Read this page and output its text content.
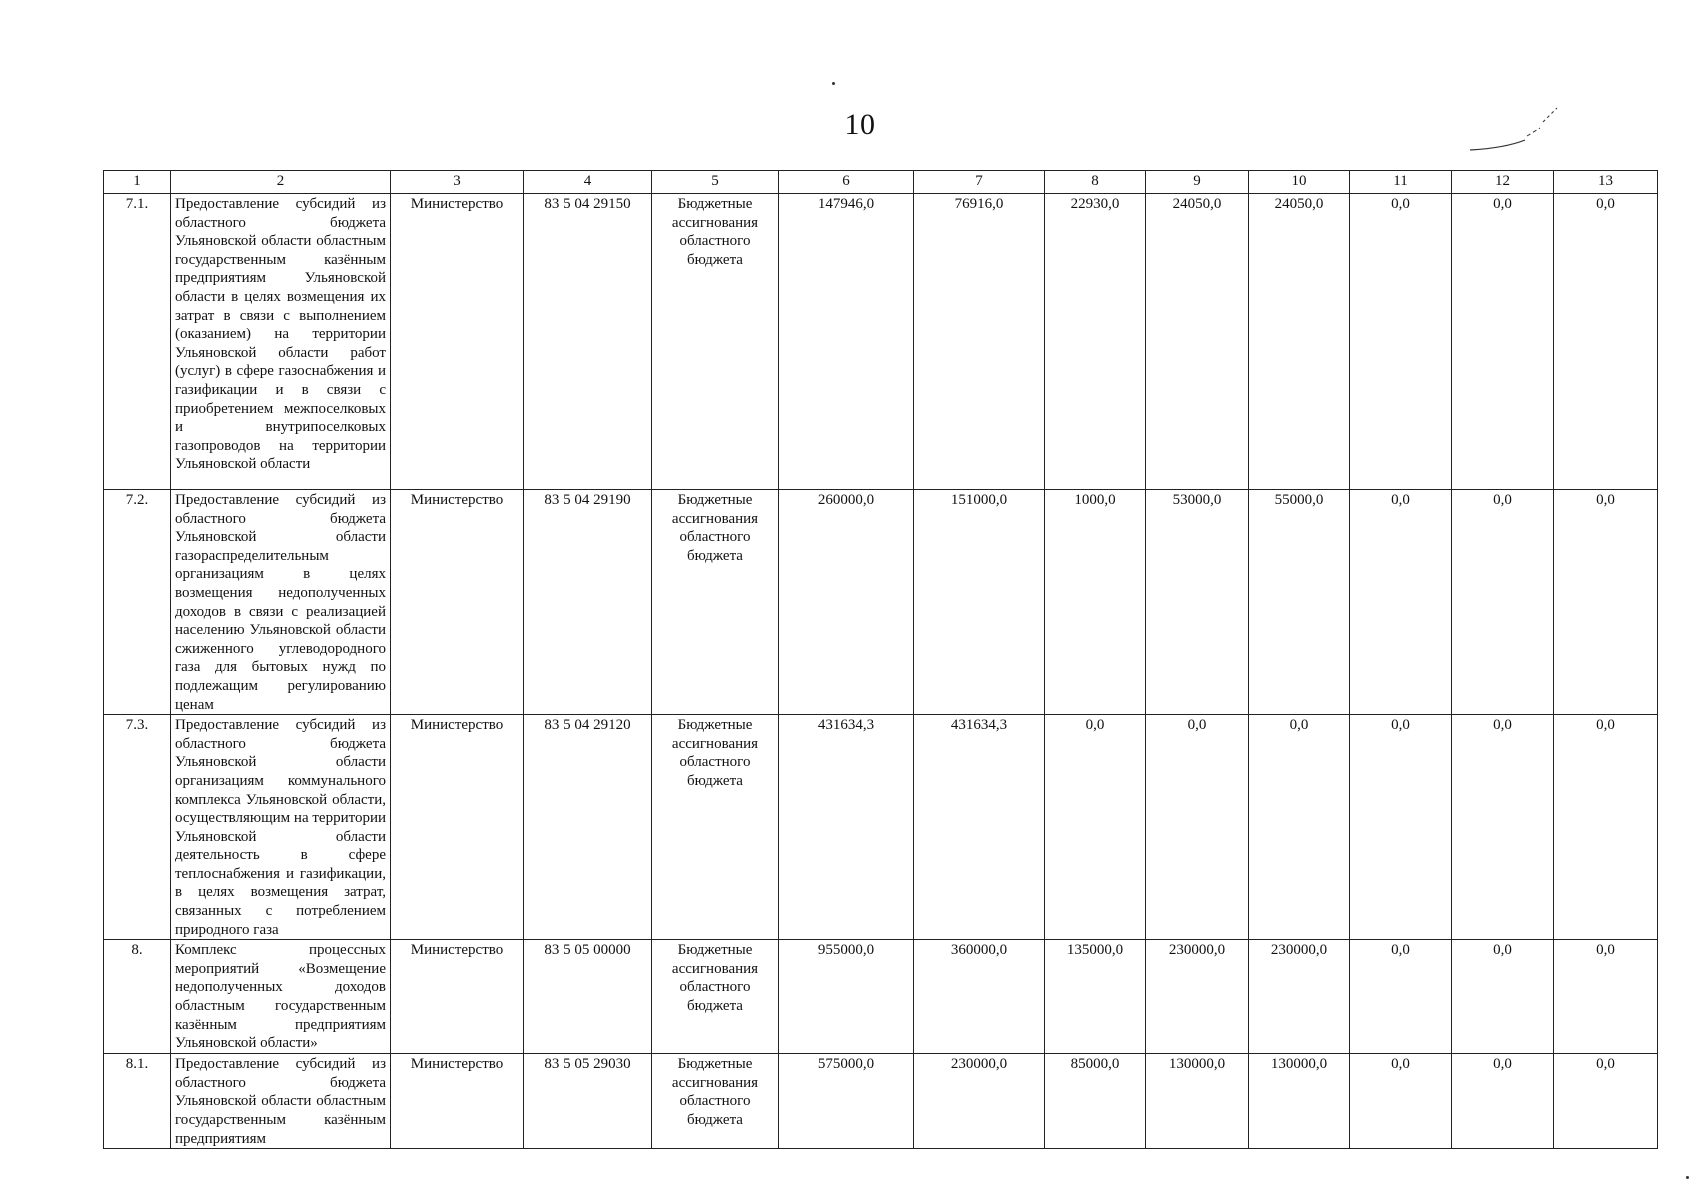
10
1	2	3	4	5	6	7	8	9	10	11	12	13
7.1.	Предоставление субсидий из областного бюджета Ульяновской области областным государственным казённым предприятиям Ульяновской области в целях возмещения их затрат в связи с выполнением (оказанием) на территории Ульяновской области работ (услуг) в сфере газоснабжения и газификации и в связи с приобретением межпоселковых и внутрипоселковых газопроводов на территории Ульяновской области	Министерство	83 5 04 29150	Бюджетные ассигнования областного бюджета	147946,0	76916,0	22930,0	24050,0	24050,0	0,0	0,0	0,0
7.2.	Предоставление субсидий из областного бюджета Ульяновской области газораспределительным организациям в целях возмещения недополученных доходов в связи с реализацией населению Ульяновской области сжиженного углеводородного газа для бытовых нужд по подлежащим регулированию ценам	Министерство	83 5 04 29190	Бюджетные ассигнования областного бюджета	260000,0	151000,0	1000,0	53000,0	55000,0	0,0	0,0	0,0
7.3.	Предоставление субсидий из областного бюджета Ульяновской области организациям коммунального комплекса Ульяновской области, осуществляющим на территории Ульяновской области деятельность в сфере теплоснабжения и газификации, в целях возмещения затрат, связанных с потреблением природного газа	Министерство	83 5 04 29120	Бюджетные ассигнования областного бюджета	431634,3	431634,3	0,0	0,0	0,0	0,0	0,0	0,0
8.	Комплекс процессных мероприятий «Возмещение недополученных доходов областным государственным казённым предприятиям Ульяновской области»	Министерство	83 5 05 00000	Бюджетные ассигнования областного бюджета	955000,0	360000,0	135000,0	230000,0	230000,0	0,0	0,0	0,0
8.1.	Предоставление субсидий из областного бюджета Ульяновской области областным государственным казённым предприятиям	Министерство	83 5 05 29030	Бюджетные ассигнования областного бюджета	575000,0	230000,0	85000,0	130000,0	130000,0	0,0	0,0	0,0
